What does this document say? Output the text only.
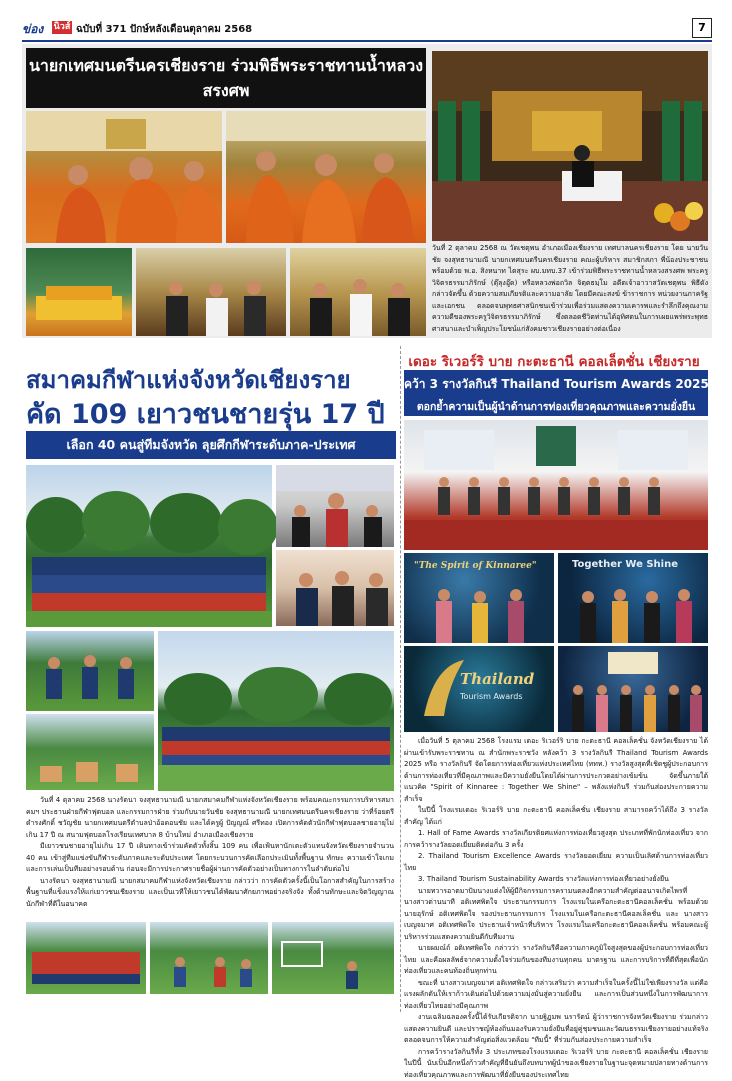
ข่อง นิวส์ ฉบับที่ 371 ปักษ์หลังเดือนตุลาคม 2568	7
นายกเทศมนตรีนครเชียงราย ร่วมพิธีพระราชทานน้ำหลวงสรงศพ
วันที่ 2 ตุลาคม 2568 ณ วัดเชตุพน อำเภอเมืองเชียงราย เทศบาลนครเชียงราย โดย นายวันชัย จงสุทธานามณี นายกเทศมนตรีนครเชียงราย คณะผู้บริหาร สมาชิกสภา พี่น้องประชาชน พร้อมด้วย พ.อ. สิงหนาท ไตสุระ ผบ.มทบ.37 เข้าร่วมพิธีพระราชทานน้ำหลวงสรงศพ พระครูวิจิตรธรรมาภิรักษ์ (ตุ๊ลุงอู๊ด) หรือหลวงพ่อถวิล จิตฺตธมฺโม อดีตเจ้าอาวาสวัดเชตุพน พิธีดังกล่าวจัดขึ้น ด้วยความสมเกียรติและความอาลัย โดยมีคณะสงฆ์ ข้าราชการ หน่วยงานภาครัฐ และเอกชน ตลอดจนพุทธศาสนิกชนเข้าร่วมเพื่อร่วมแสดงความเคารพและรำลึกถึงคุณงามความดีของพระครูวิจิตรธรรมาภิรักษ์ ซึ่งตลอดชีวิตท่านได้อุทิศตนในการเผยแพร่พระพุทธศาสนาและบำเพ็ญประโยชน์แก่สังคมชาวเชียงรายอย่างต่อเนื่อง
สมาคมกีฬาแห่งจังหวัดเชียงราย
คัด 109 เยาวชนชายรุ่น 17 ปี
เลือก 40 คนสู่ทีมจังหวัด ลุยศึกกีฬาระดับภาค-ประเทศ

วันที่ 4 ตุลาคม 2568 นางรัตนา จงสุทธานามณี นายกสมาคมกีฬาแห่งจังหวัดเชียงราย พร้อมคณะกรรมการบริหารสมาคมฯ ประธานฝ่ายกีฬาฟุตบอล และกรรมการฝ่าย ร่วมกับนายวันชัย จงสุทธานามณี นายกเทศมนตรีนครเชียงราย ว่าที่ร้อยตรี ดำรงศักดิ์ ชวัญชัย นายกเทศมนตรีตำบลป่าอ้อดอนชัย และได้ครูผู้ ปัญญณ์ ศรีทอง เปิดการคัดตัวนักกีฬาฟุตบอลชายอายุไม่เกิน 17 ปี ณ สนามฟุตบอลโรงเรียนเทศบาล 8 บ้านใหม่ อำเภอเมืองเชียงราย

มีเยาวชนชายอายุไม่เกิน 17 ปี เดินทางเข้าร่วมคัดตัวทั้งสิ้น 109 คน เพื่อเฟ้นหานักเตะตัวแทนจังหวัดเชียงรายจำนวน 40 คน เข้าสู่ทีมแข่งขันกีฬาระดับภาคและระดับประเทศ โดยกระบวนการคัดเลือกประเมินทั้งพื้นฐาน ทักษะ ความเข้าใจเกม และการเล่นเป็นทีมอย่างรอบด้าน ก่อนจะมีการประกาศรายชื่อผู้ผ่านการคัดตัวอย่างเป็นทางการในลำดับต่อไป

นางรัตนา จงสุทธานามณี นายกสมาคมกีฬาแห่งจังหวัดเชียงราย กล่าวว่า การคัดตัวครั้งนี้เป็นโอกาสสำคัญในการสร้างพื้นฐานที่แข็งแรงให้แก่เยาวชนเชียงราย และเป็นเวทีให้เยาวชนได้พัฒนาศักยภาพอย่างจริงจัง ทั้งด้านทักษะและจิตวิญญาณนักกีฬาที่ดีในอนาคต

เดอะ ริเวอร์ริ บาย กะตะธานี คอลเล็ตชั่น เชียงราย
คว้า 3 รางวัลกินรี Thailand Tourism Awards 2025
ตอกย้ำความเป็นผู้นำด้านการท่องเที่ยวคุณภาพและความยั่งยืน
"The Spirit of Kinnaree"	Together We Shine
Thailand
Tourism Awards

เมื่อวันที่ 5 ตุลาคม 2568 โรงแรม เดอะ ริเวอร์ริ บาย กะตะธานี คอลเล็คชั่น จังหวัดเชียงราย ได้ผ่านเข้ารับพระราชทาน ณ สำนักพระราชวัง หลังคว้า 3 รางวัลกินรี Thailand Tourism Awards 2025 หรือ รางวัลกินรี จัดโดยการท่องเที่ยวแห่งประเทศไทย (ททท.) รางวัลสูงสุดที่เชิดชูผู้ประกอบการด้านการท่องเที่ยวที่มีคุณภาพและมีความยั่งยืนโดยได้ผ่านการประกวดอย่างเข้มข้น จัดขึ้นภายใต้แนวคิด "Spirit of Kinnaree : Together We Shine" – พลังแห่งกินรี ร่วมกันส่องประกายความสำเร็จ

ในปีนี้ โรงแรมเดอะ ริเวอร์ริ บาย กะตะธานี คอลเล็คชั่น เชียงราย สามารถคว้าได้ถึง 3 รางวัลสำคัญ ได้แก่

1. Hall of Fame Awards รางวัลเกียรติยศแห่งการท่องเที่ยวสูงสุด ประเภทที่พักนักท่องเที่ยว จากการคว้ารางวัลยอดเยี่ยมติดต่อกัน 3 ครั้ง

2. Thailand Tourism Excellence Awards รางวัลยอดเยี่ยม ความเป็นเลิศด้านการท่องเที่ยวไทย

3. Thailand Tourism Sustainability Awards รางวัลแห่งการท่องเที่ยวอย่างยั่งยืน

นายทวารอาตมาปัมนางแต่งให้ผู้มีกิจกรรมการครามนดลงอีกความสำคัญต่ออนาจเกิดไพรที่ นางสาวต่านนาที อติเทศพิดใจ ประธานกรรมการ โรงแรมในเครือกะตะธานีคอลเล็คชั่น พร้อมด้วย นายอุรักษ์ อติเทศพิดใจ รองประธานกรรมการ โรงแรมในเครือกะตะธานีคอลเล็คชั่น และ นางสาวเบญจมาศ อติเทศพิดใจ ประธานเจ้าหน้าที่บริหาร โรงแรมในเครือกะตะธานีคอลเล็คชั่น พร้อมคณะผู้บริหารร่วมแสดงความยินดีกับทีมงาน

นายผมณ์ถ์ อติเทศพิดใจ กล่าวว่า รางวัลกินรีคือความภาคภูมิใจสูงสุดของผู้ประกอบการท่องเที่ยวไทย และคือผลลัพธ์จากความตั้งใจร่วมกันของทีมงานทุกคน มาตรฐาน และการบริการที่ดีที่สุดเพื่อนักท่องเที่ยวและคนท้องถิ่นทุกท่าน

ขณะที่ นางสาวเบญจมาศ อติเทศพิดใจ กล่าวเสริมว่า ความสำเร็จในครั้งนี้ไม่ใช่เพียงรางวัล แต่คือแรงผลักดันให้เราก้าวเดินต่อไปด้วยความมุ่งมั่นสู่ความยั่งยืน และการเป็นส่วนหนึ่งในการพัฒนาการท่องเที่ยวไทยอย่างมีคุณภาพ

งานเฉลิมฉลองครั้งนี้ได้รับเกียรติจาก นายฐิฏมพ นรารัตน์ ผู้ว่าราชการจังหวัดเชียงราย ร่วมกล่าวแสดงความยินดี และปราชญ์ท้องถิ่นมองรับความยั่งยืนที่อยู่คู่ชุมชนและวัฒนธรรมเชียงรายอย่างแท้จริง ตลอดจนการให้ความสำคัญต่อสิ่งแวดล้อม "ทีมนี้" ที่ร่วมกันส่องประกายความสำเร็จ

การคว้ารางวัลกินรีทั้ง 3 ประเภทของโรงแรมเดอะ ริเวอร์ริ บาย กะตะธานี คอลเล็คชั่น เชียงราย ในปีนี้ นับเป็นอีกหนึ่งก้าวสำคัญที่ยืนยันถึงบทบาทผู้นำของเชียงรายในฐานะจุดหมายปลายทางด้านการท่องเที่ยวคุณภาพและการพัฒนาที่ยั่งยืนของประเทศไทย
